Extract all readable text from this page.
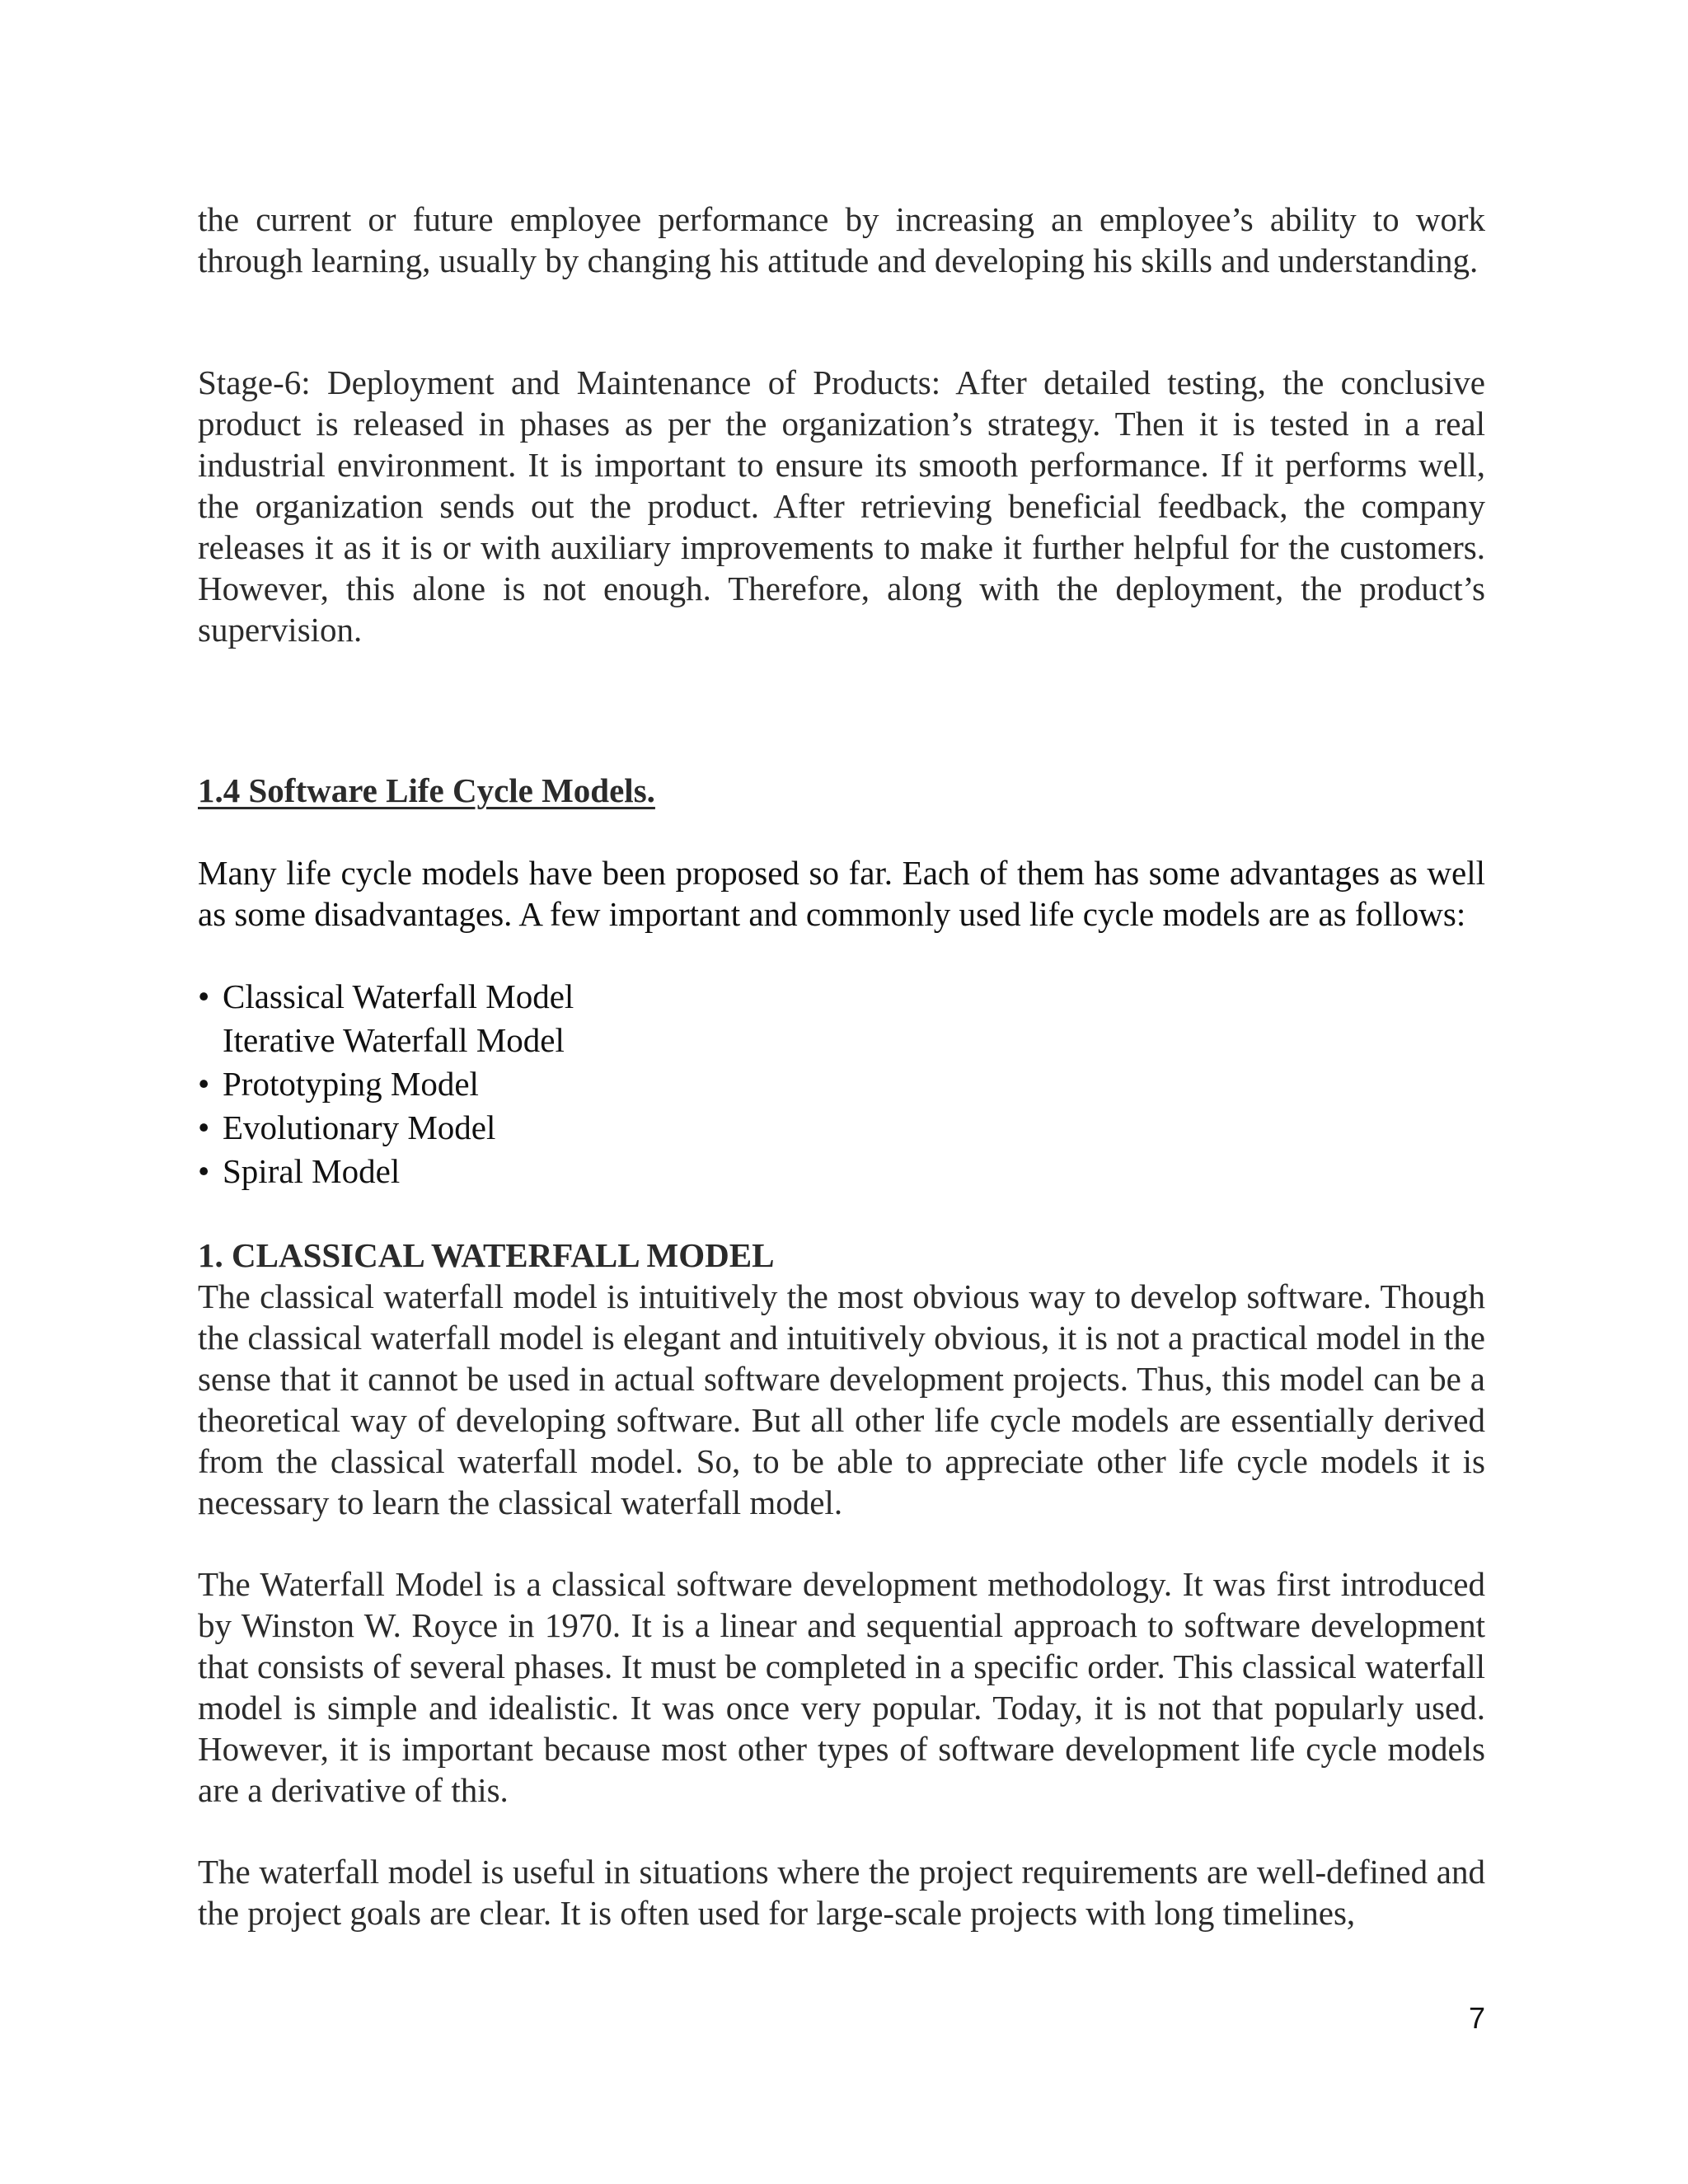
the current or future employee performance by increasing an employee’s ability to work through learning, usually by changing his attitude and developing his skills and understanding.

Stage-6: Deployment and Maintenance of Products: After detailed testing, the conclusive product is released in phases as per the organization’s strategy. Then it is tested in a real industrial environment. It is important to ensure its smooth performance. If it performs well, the organization sends out the product. After retrieving beneficial feedback, the company releases it as it is or with auxiliary improvements to make it further helpful for the customers. However, this alone is not enough. Therefore, along with the deployment, the product’s supervision.

1.4 Software Life Cycle Models.

Many life cycle models have been proposed so far. Each of them has some advantages as well as some disadvantages. A few important and commonly used life cycle models are as follows:

• Classical Waterfall Model
Iterative Waterfall Model
• Prototyping Model
• Evolutionary Model
• Spiral Model

1. CLASSICAL WATERFALL MODEL

The classical waterfall model is intuitively the most obvious way to develop software. Though the classical waterfall model is elegant and intuitively obvious, it is not a practical model in the sense that it cannot be used in actual software development projects. Thus, this model can be a theoretical way of developing software. But all other life cycle models are essentially derived from the classical waterfall model. So, to be able to appreciate other life cycle models it is necessary to learn the classical waterfall model.

The Waterfall Model is a classical software development methodology. It was first introduced by Winston W. Royce in 1970. It is a linear and sequential approach to software development that consists of several phases. It must be completed in a specific order. This classical waterfall model is simple and idealistic. It was once very popular. Today, it is not that popularly used. However, it is important because most other types of software development life cycle models are a derivative of this.

The waterfall model is useful in situations where the project requirements are well-defined and the project goals are clear. It is often used for large-scale projects with long timelines,

7
